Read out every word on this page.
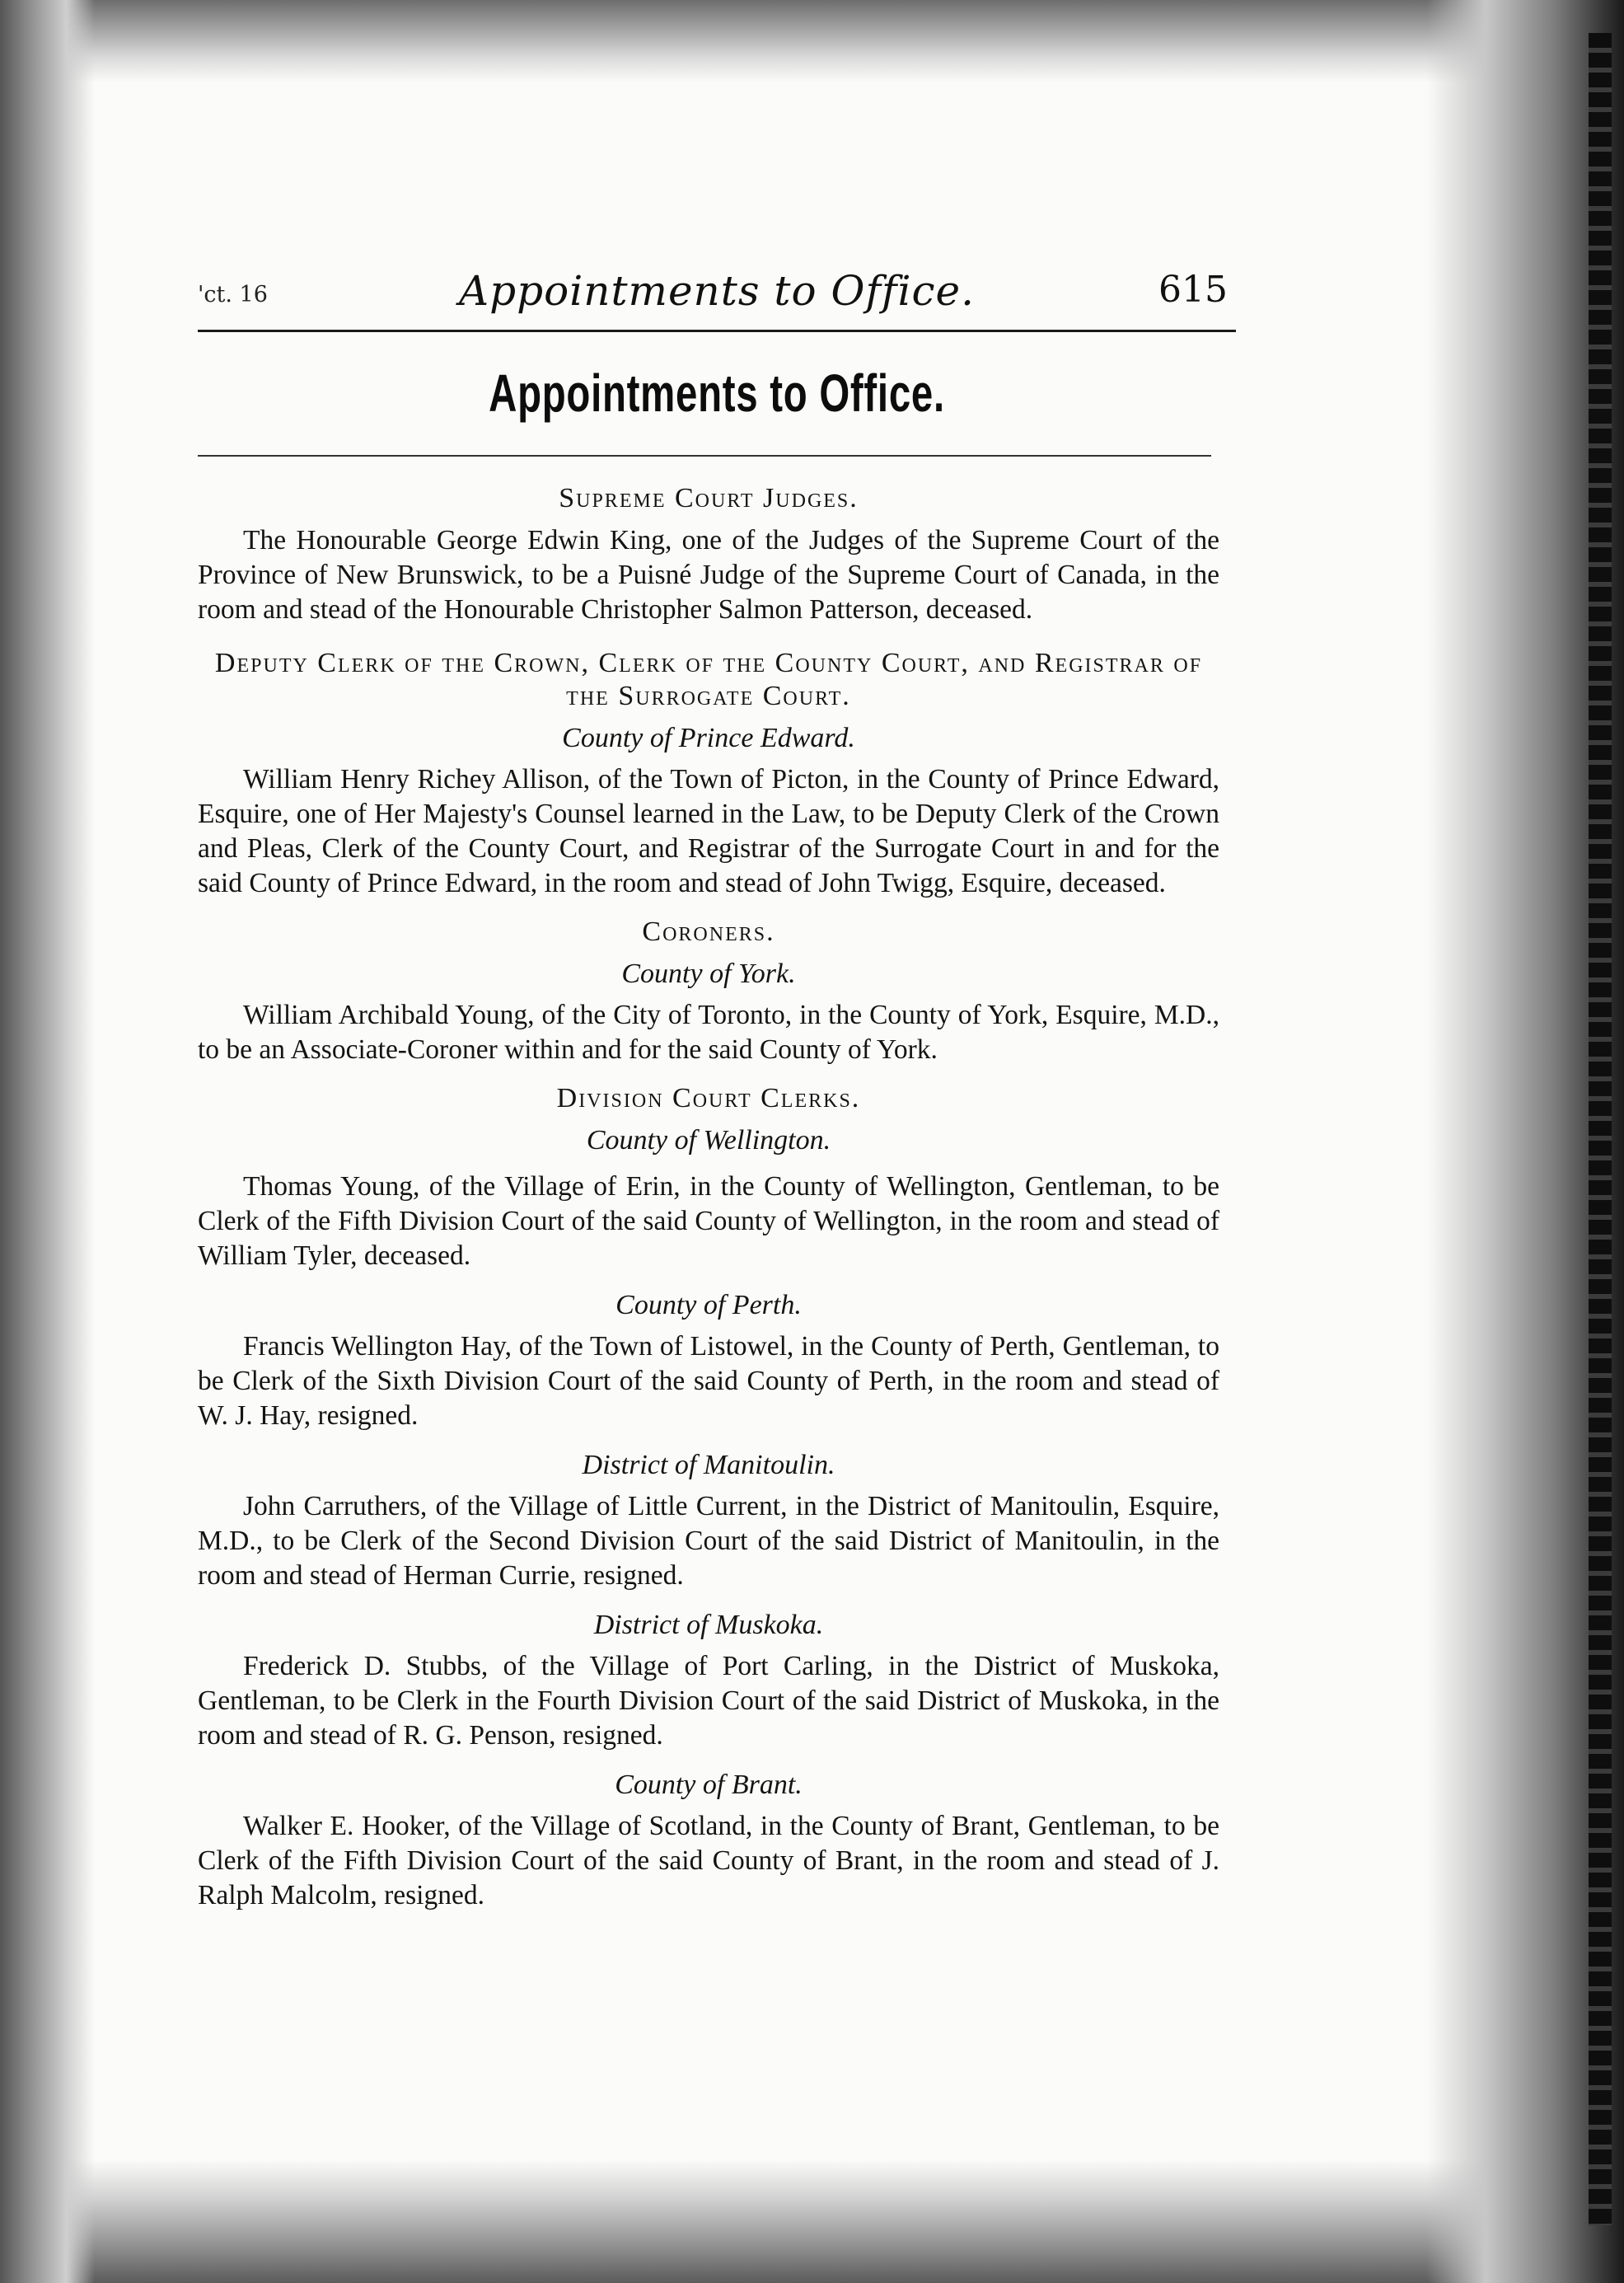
'ct. 16	Appointments to Office.	615
Appointments to Office.
Supreme Court Judges.

The Honourable George Edwin King, one of the Judges of the Supreme Court of the Province of New Brunswick, to be a Puisné Judge of the Supreme Court of Canada, in the room and stead of the Honourable Christopher Salmon Patterson, deceased.

Deputy Clerk of the Crown, Clerk of the County Court, and Registrar of the Surrogate Court.
County of Prince Edward.

William Henry Richey Allison, of the Town of Picton, in the County of Prince Edward, Esquire, one of Her Majesty's Counsel learned in the Law, to be Deputy Clerk of the Crown and Pleas, Clerk of the County Court, and Registrar of the Surrogate Court in and for the said County of Prince Edward, in the room and stead of John Twigg, Esquire, deceased.

Coroners.
County of York.

William Archibald Young, of the City of Toronto, in the County of York, Esquire, M.D., to be an Associate-Coroner within and for the said County of York.

Division Court Clerks.
County of Wellington.

Thomas Young, of the Village of Erin, in the County of Wellington, Gentleman, to be Clerk of the Fifth Division Court of the said County of Wellington, in the room and stead of William Tyler, deceased.

County of Perth.

Francis Wellington Hay, of the Town of Listowel, in the County of Perth, Gentleman, to be Clerk of the Sixth Division Court of the said County of Perth, in the room and stead of W. J. Hay, resigned.

District of Manitoulin.

John Carruthers, of the Village of Little Current, in the District of Manitoulin, Esquire, M.D., to be Clerk of the Second Division Court of the said District of Manitoulin, in the room and stead of Herman Currie, resigned.

District of Muskoka.

Frederick D. Stubbs, of the Village of Port Carling, in the District of Muskoka, Gentleman, to be Clerk in the Fourth Division Court of the said District of Muskoka, in the room and stead of R. G. Penson, resigned.

County of Brant.

Walker E. Hooker, of the Village of Scotland, in the County of Brant, Gentleman, to be Clerk of the Fifth Division Court of the said County of Brant, in the room and stead of J. Ralph Malcolm, resigned.
